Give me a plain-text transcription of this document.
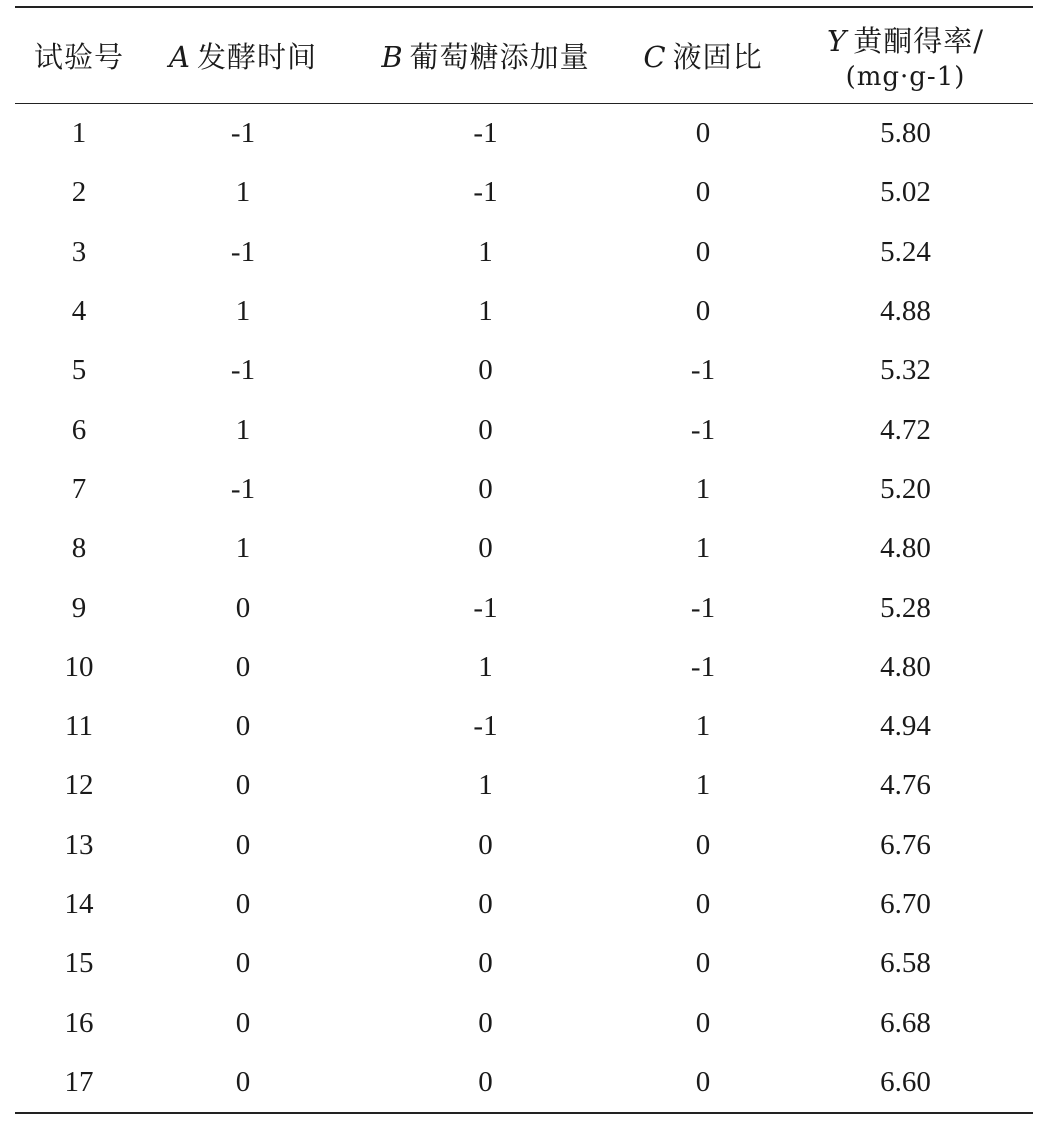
试验号	A 发酵时间	B 葡萄糖添加量	C 液固比	Y 黄酮得率/
(mg·g-1)

1	-1	-1	0	5.80
2	1	-1	0	5.02
3	-1	1	0	5.24
4	1	1	0	4.88
5	-1	0	-1	5.32
6	1	0	-1	4.72
7	-1	0	1	5.20
8	1	0	1	4.80
9	0	-1	-1	5.28
10	0	1	-1	4.80
11	0	-1	1	4.94
12	0	1	1	4.76
13	0	0	0	6.76
14	0	0	0	6.70
15	0	0	0	6.58
16	0	0	0	6.68
17	0	0	0	6.60
